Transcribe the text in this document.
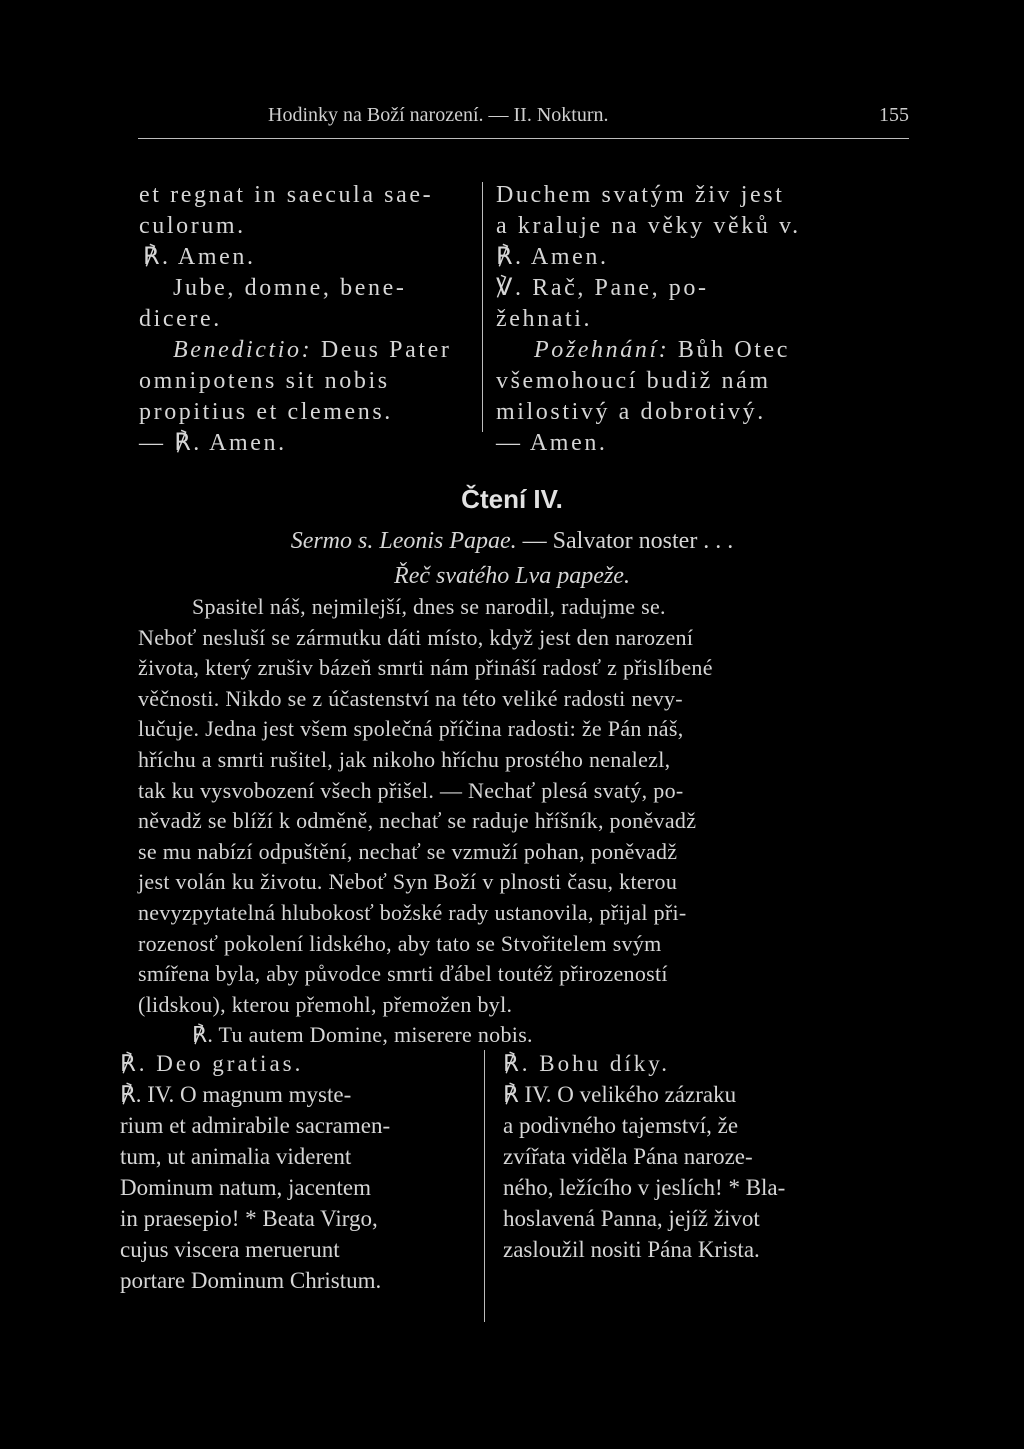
Hodinky na Boží narození. — II. Nokturn.	155
et regnat in saecula sae-
culorum.
℟. Amen.
Jube, domne, bene-
dicere.
Benedictio: Deus Pater
omnipotens sit nobis
propitius et clemens.
— ℟. Amen.
Duchem svatým živ jest
a kraluje na věky věků v.
℟. Amen.
℣. Rač, Pane, po-
žehnati.
Požehnání: Bůh Otec
všemohoucí budiž nám
milostivý a dobrotivý.
— Amen.
Čtení IV.
Sermo s. Leonis Papae. — Salvator noster . . .
Řeč svatého Lva papeže.
Spasitel náš, nejmilejší, dnes se narodil, radujme se.
Neboť nesluší se zármutku dáti místo, když jest den narození
života, který zrušiv bázeň smrti nám přináší radosť z přislíbené
věčnosti. Nikdo se z účastenství na této veliké radosti nevy-
lučuje. Jedna jest všem společná příčina radosti: že Pán náš,
hříchu a smrti rušitel, jak nikoho hříchu prostého nenalezl,
tak ku vysvobození všech přišel. — Nechať plesá svatý, po-
něvadž se blíží k odměně, nechať se raduje hříšník, poněvadž
se mu nabízí odpuštění, nechať se vzmuží pohan, poněvadž
jest volán ku životu. Neboť Syn Boží v plnosti času, kterou
nevyzpytatelná hlubokosť božské rady ustanovila, přijal při-
rozenosť pokolení lidského, aby tato se Stvořitelem svým
smířena byla, aby původce smrti ďábel toutéž přirozeností
(lidskou), kterou přemohl, přemožen byl.
℟. Tu autem Domine, miserere nobis.
℟. Deo gratias.
℟. IV. O magnum myste-
rium et admirabile sacramen-
tum, ut animalia viderent
Dominum natum, jacentem
in praesepio! * Beata Virgo,
cujus viscera meruerunt
portare Dominum Christum.
℟. Bohu díky.
℟ IV. O velikého zázraku
a podivného tajemství, že
zvířata viděla Pána naroze-
ného, ležícího v jeslích! * Bla-
hoslavená Panna, jejíž život
zasloužil nositi Pána Krista.
